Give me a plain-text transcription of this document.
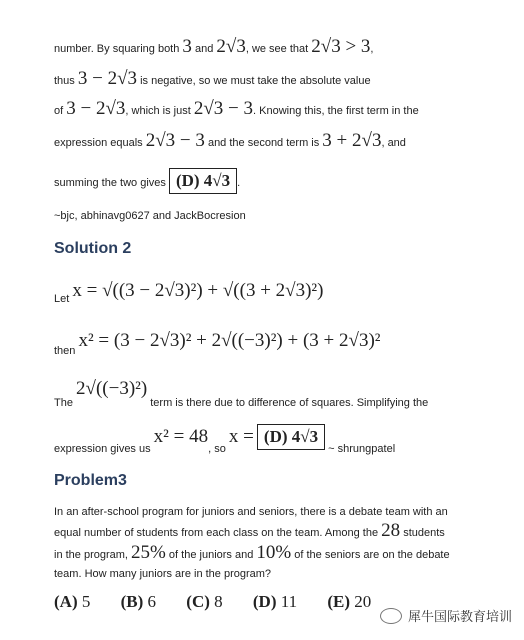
number. By squaring both 3 and 2√3, we see that 2√3 > 3,
thus 3 − 2√3 is negative, so we must take the absolute value
of 3 − 2√3, which is just 2√3 − 3. Knowing this, the first term in the
expression equals 2√3 − 3 and the second term is 3 + 2√3, and
summing the two gives (D) 4√3 .
~bjc, abhinavg0627 and JackBocresion
Solution 2
Let x = √((3 − 2√3)²) + √((3 + 2√3)²)
then x² = (3 − 2√3)² + 2√((−3)²) + (3 + 2√3)²
The 2√((−3)²) term is there due to difference of squares. Simplifying the
expression gives us x² = 48, so x = (D) 4√3 ~ shrungpatel
Problem3
In an after-school program for juniors and seniors, there is a debate team with an
equal number of students from each class on the team. Among the 28 students
in the program, 25% of the juniors and 10% of the seniors are on the debate
team. How many juniors are in the program?
(A) 5 (B) 6 (C) 8 (D) 11 (E) 20
犀牛国际教育培训
